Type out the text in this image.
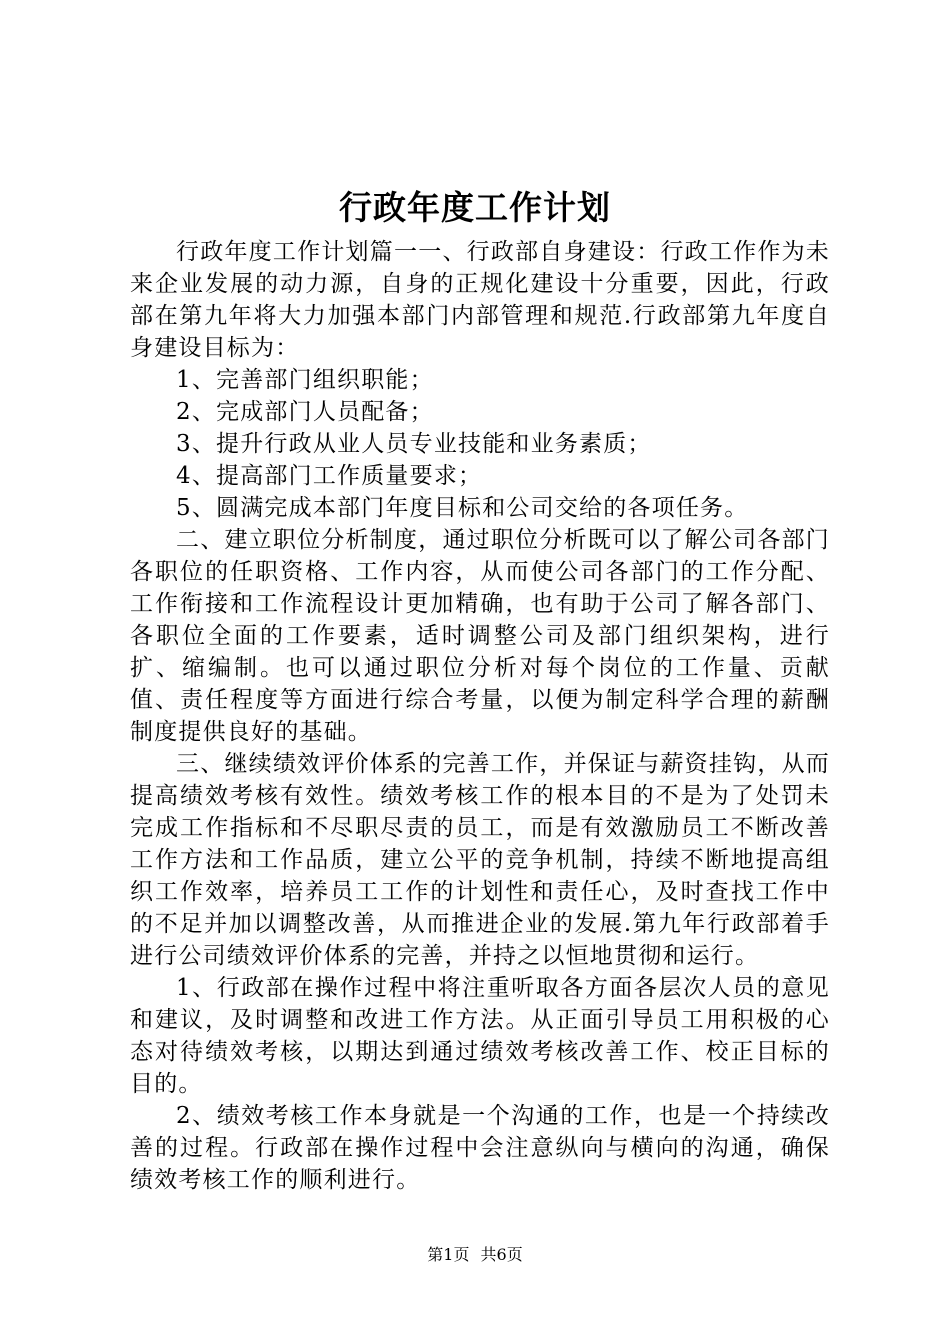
行政年度工作计划

行政年度工作计划篇一一、行政部自身建设：行政工作作为未来企业发展的动力源，自身的正规化建设十分重要，因此，行政部在第九年将大力加强本部门内部管理和规范.行政部第九年度自身建设目标为：

1、完善部门组织职能；

2、完成部门人员配备；

3、提升行政从业人员专业技能和业务素质；

4、提高部门工作质量要求；

5、圆满完成本部门年度目标和公司交给的各项任务。

二、建立职位分析制度，通过职位分析既可以了解公司各部门各职位的任职资格、工作内容，从而使公司各部门的工作分配、工作衔接和工作流程设计更加精确，也有助于公司了解各部门、各职位全面的工作要素，适时调整公司及部门组织架构，进行扩、缩编制。也可以通过职位分析对每个岗位的工作量、贡献值、责任程度等方面进行综合考量，以便为制定科学合理的薪酬制度提供良好的基础。

三、继续绩效评价体系的完善工作，并保证与薪资挂钩，从而提高绩效考核有效性。绩效考核工作的根本目的不是为了处罚未完成工作指标和不尽职尽责的员工，而是有效激励员工不断改善工作方法和工作品质，建立公平的竞争机制，持续不断地提高组织工作效率，培养员工工作的计划性和责任心，及时查找工作中的不足并加以调整改善，从而推进企业的发展.第九年行政部着手进行公司绩效评价体系的完善，并持之以恒地贯彻和运行。

1、行政部在操作过程中将注重听取各方面各层次人员的意见和建议，及时调整和改进工作方法。从正面引导员工用积极的心态对待绩效考核，以期达到通过绩效考核改善工作、校正目标的目的。

2、绩效考核工作本身就是一个沟通的工作，也是一个持续改善的过程。行政部在操作过程中会注意纵向与横向的沟通，确保绩效考核工作的顺利进行。

第1页 共6页
